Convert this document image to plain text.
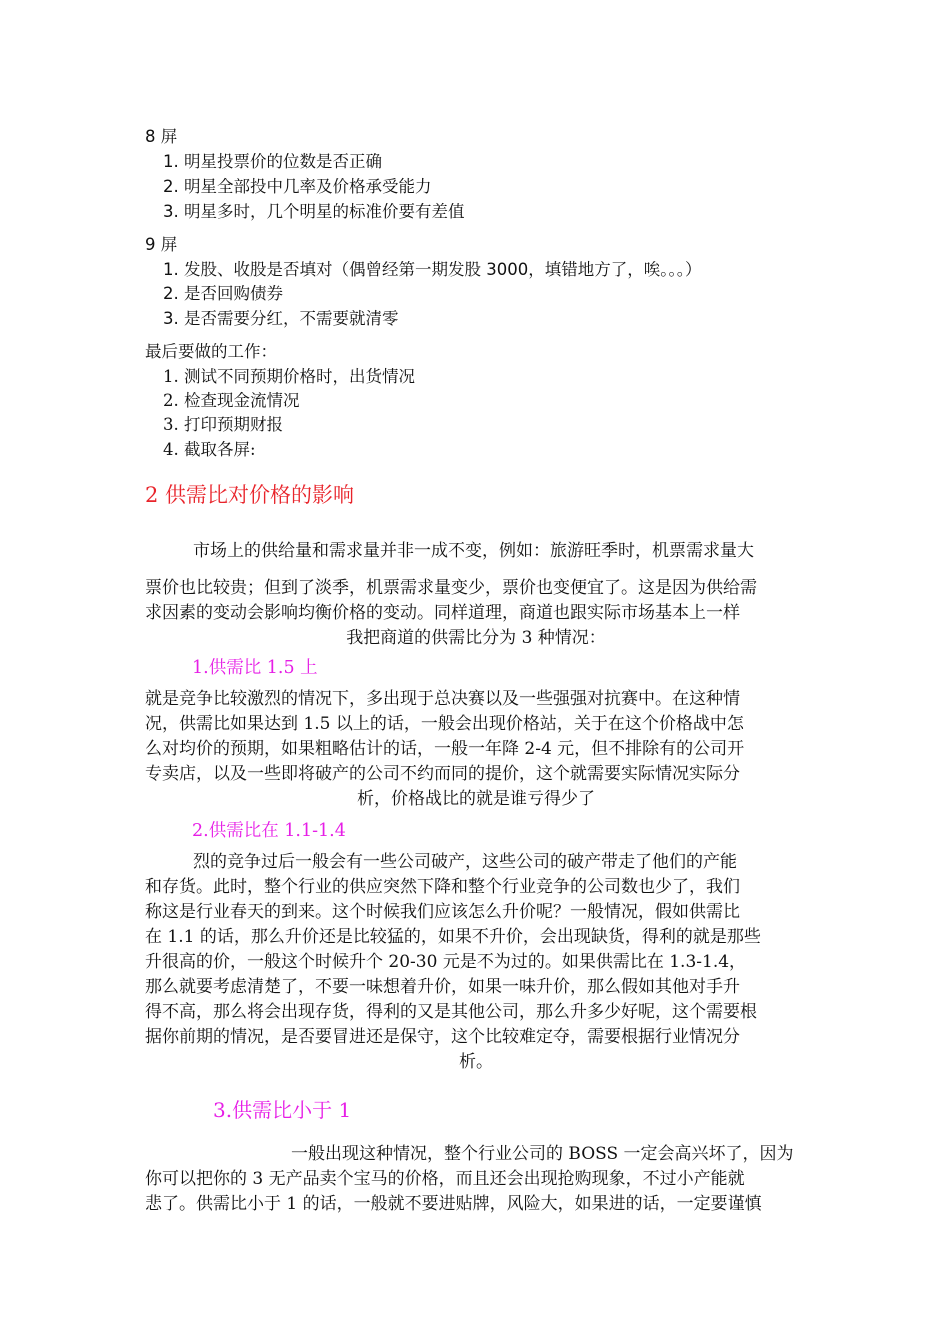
8 屏
1. 明星投票价的位数是否正确
2. 明星全部投中几率及价格承受能力
3. 明星多时，几个明星的标准价要有差值
9 屏
1. 发股、收股是否填对（偶曾经第一期发股 3000，填错地方了，唉。。。）
2. 是否回购债券
3. 是否需要分红，不需要就清零
最后要做的工作：
1. 测试不同预期价格时，出货情况
2. 检查现金流情况
3. 打印预期财报
4. 截取各屏:
2 供需比对价格的影响
市场上的供给量和需求量并非一成不变，例如：旅游旺季时，机票需求量大
票价也比较贵；但到了淡季，机票需求量变少，票价也变便宜了。这是因为供给需
求因素的变动会影响均衡价格的变动。同样道理，商道也跟实际市场基本上一样
我把商道的供需比分为 3 种情况：
1.供需比 1.5 上
就是竞争比较激烈的情况下，多出现于总决赛以及一些强强对抗赛中。在这种情
况，供需比如果达到 1.5 以上的话，一般会出现价格站，关于在这个价格战中怎
么对均价的预期，如果粗略估计的话，一般一年降 2-4 元，但不排除有的公司开
专卖店，以及一些即将破产的公司不约而同的提价，这个就需要实际情况实际分
析，价格战比的就是谁亏得少了
2.供需比在 1.1-1.4
烈的竞争过后一般会有一些公司破产，这些公司的破产带走了他们的产能
和存货。此时，整个行业的供应突然下降和整个行业竞争的公司数也少了，我们
称这是行业春天的到来。这个时候我们应该怎么升价呢？一般情况，假如供需比
在 1.1 的话，那么升价还是比较猛的，如果不升价，会出现缺货，得利的就是那些
升很高的价，一般这个时候升个 20-30 元是不为过的。如果供需比在 1.3-1.4，
那么就要考虑清楚了，不要一味想着升价，如果一味升价，那么假如其他对手升
得不高，那么将会出现存货，得利的又是其他公司，那么升多少好呢，这个需要根
据你前期的情况，是否要冒进还是保守，这个比较难定夺，需要根据行业情况分
析。
3.供需比小于 1
一般出现这种情况，整个行业公司的 BOSS 一定会高兴坏了，因为
你可以把你的 3 无产品卖个宝马的价格，而且还会出现抢购现象，不过小产能就
悲了。供需比小于 1 的话，一般就不要进贴牌，风险大，如果进的话，一定要谨慎
